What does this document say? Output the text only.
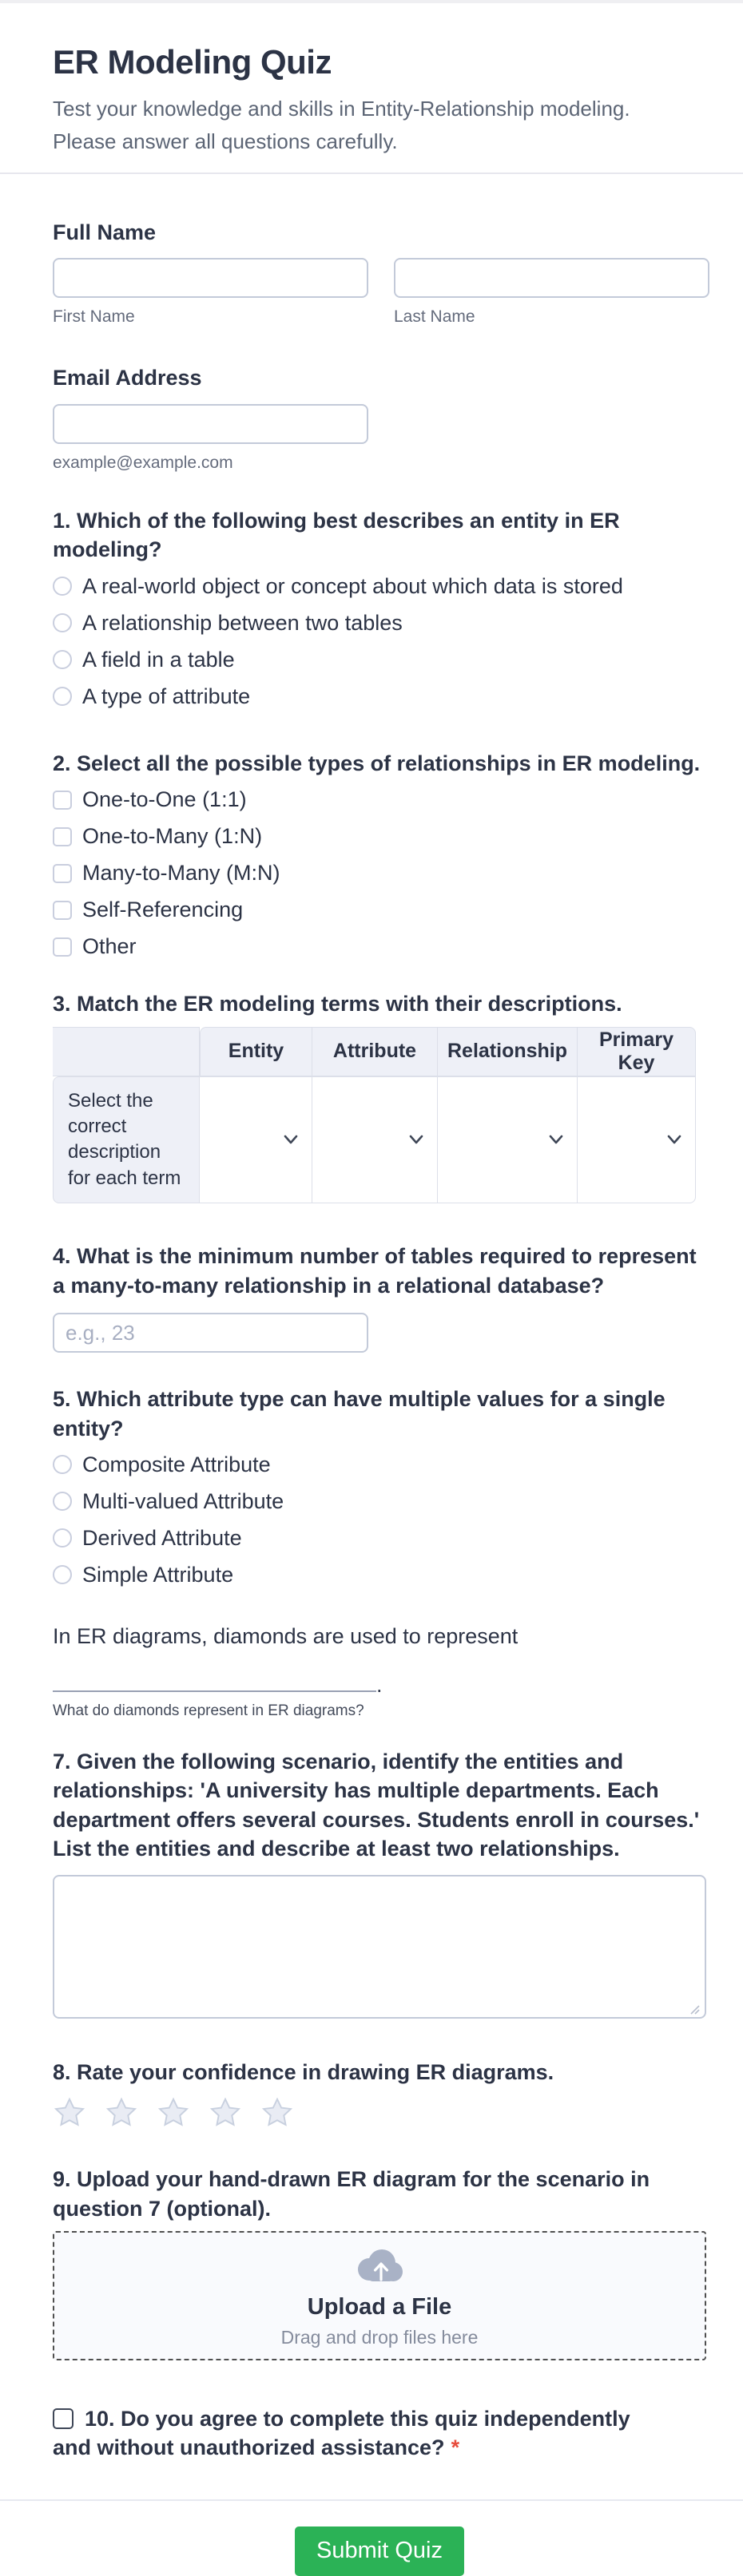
ER Modeling Quiz

Test your knowledge and skills in Entity-Relationship modeling. Please answer all questions carefully.

Full Name

First Name	Last Name

Email Address

example@example.com

1. Which of the following best describes an entity in ER modeling?

A real-world object or concept about which data is stored
A relationship between two tables
A field in a table
A type of attribute

2. Select all the possible types of relationships in ER modeling.

One-to-One (1:1)
One-to-Many (1:N)
Many-to-Many (M:N)
Self-Referencing
Other

3. Match the ER modeling terms with their descriptions.

	Entity	Attribute	Relationship	Primary Key
Select the correct description for each term	

4. What is the minimum number of tables required to represent a many-to-many relationship in a relational database?

e.g., 23

5. Which attribute type can have multiple values for a single entity?

Composite Attribute
Multi-valued Attribute
Derived Attribute
Simple Attribute

In ER diagrams, diamonds are used to represent

.
What do diamonds represent in ER diagrams?

7. Given the following scenario, identify the entities and relationships: 'A university has multiple departments. Each department offers several courses. Students enroll in courses.' List the entities and describe at least two relationships.

8. Rate your confidence in drawing ER diagrams.

9. Upload your hand-drawn ER diagram for the scenario in question 7 (optional).

Upload a File
Drag and drop files here
10. Do you agree to complete this quiz independently and without unauthorized assistance? *
Submit Quiz
